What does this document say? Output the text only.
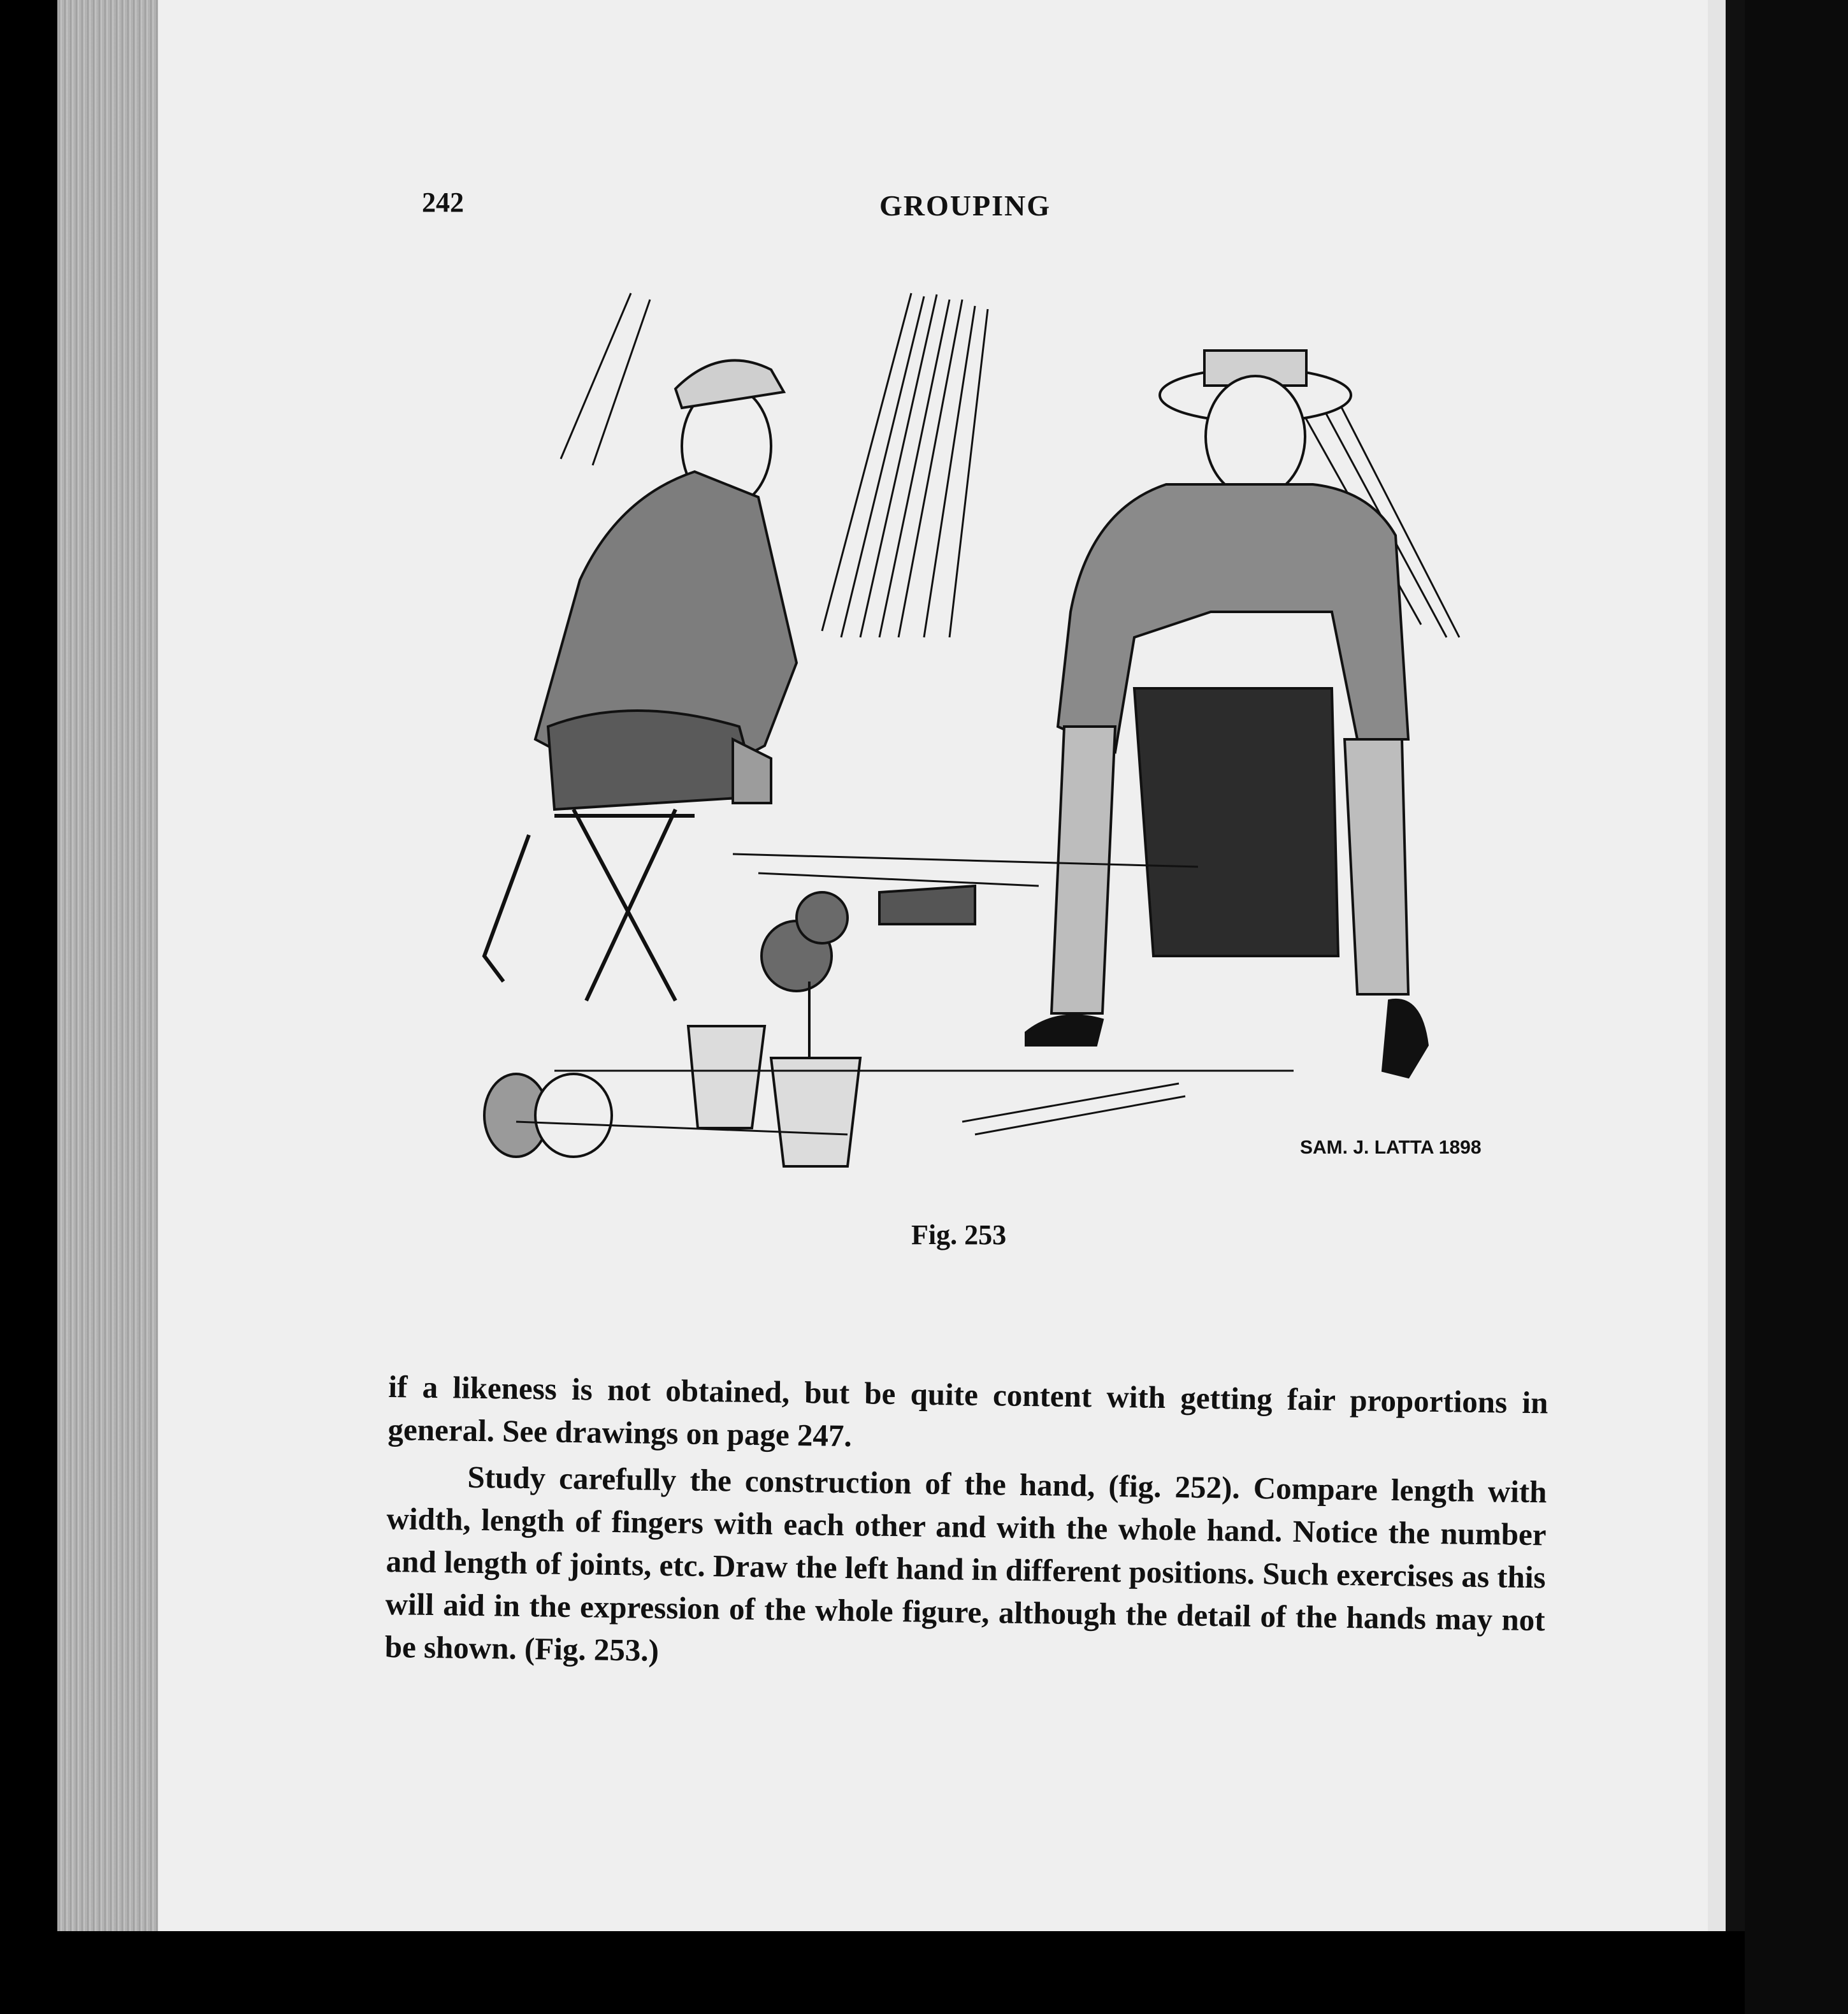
242	GROUPING
SAM. J. LATTA 1898
Fig. 253

if a likeness is not obtained, but be quite content with getting fair proportions in general. See drawings on page 247.

Study carefully the construction of the hand, (fig. 252). Compare length with width, length of fingers with each other and with the whole hand. Notice the number and length of joints, etc. Draw the left hand in different positions. Such exercises as this will aid in the expression of the whole figure, although the detail of the hands may not be shown. (Fig. 253.)
